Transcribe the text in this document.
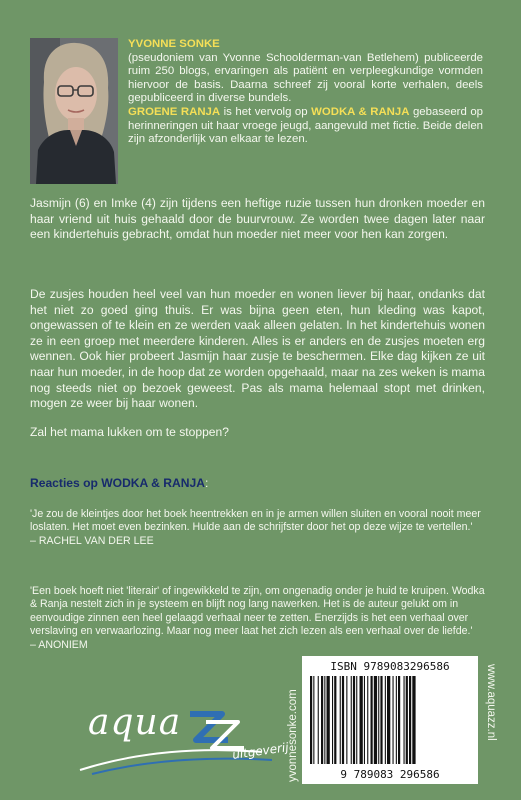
YVONNE SONKE
(pseudoniem van Yvonne Schoolderman-van Betlehem) publiceerde ruim 250 blogs, ervaringen als patiënt en verpleegkundige vormden hiervoor de basis. Daarna schreef zij vooral korte verhalen, deels gepubliceerd in diverse bundels.
GROENE RANJA is het vervolg op WODKA & RANJA gebaseerd op herinneringen uit haar vroege jeugd, aangevuld met fictie. Beide delen zijn afzonderlijk van elkaar te lezen.
Jasmijn (6) en Imke (4) zijn tijdens een heftige ruzie tussen hun dronken moeder en haar vriend uit huis gehaald door de buurvrouw. Ze worden twee dagen later naar een kindertehuis gebracht, omdat hun moeder niet meer voor hen kan zorgen.
De zusjes houden heel veel van hun moeder en wonen liever bij haar, ondanks dat het niet zo goed ging thuis. Er was bijna geen eten, hun kleding was kapot, ongewassen of te klein en ze werden vaak alleen gelaten. In het kindertehuis wonen ze in een groep met meerdere kinderen. Alles is er anders en de zusjes moeten erg wennen. Ook hier probeert Jasmijn haar zusje te beschermen. Elke dag kijken ze uit naar hun moeder, in de hoop dat ze worden opgehaald, maar na zes weken is mama nog steeds niet op bezoek geweest. Pas als mama helemaal stopt met drinken, mogen ze weer bij haar wonen.
Zal het mama lukken om te stoppen?
Reacties op WODKA & RANJA:
'Je zou de kleintjes door het boek heentrekken en in je armen willen sluiten en vooral nooit meer loslaten. Het moet even bezinken. Hulde aan de schrijfster door het op deze wijze te vertellen.'
– RACHEL VAN DER LEE
'Een boek hoeft niet 'literair' of ingewikkeld te zijn, om ongenadig onder je huid te kruipen. Wodka & Ranja nestelt zich in je systeem en blijft nog lang nawerken. Het is de auteur gelukt om in eenvoudige zinnen een heel gelaagd verhaal neer te zetten. Enerzijds is het een verhaal over verslaving en verwaarlozing. Maar nog meer laat het zich lezen als een verhaal over de liefde.'
– ANONIEM
aqua
uitgeverij
yvonnesonke.com	www.aquazz.nl
ISBN 9789083296586
9 789083 296586
